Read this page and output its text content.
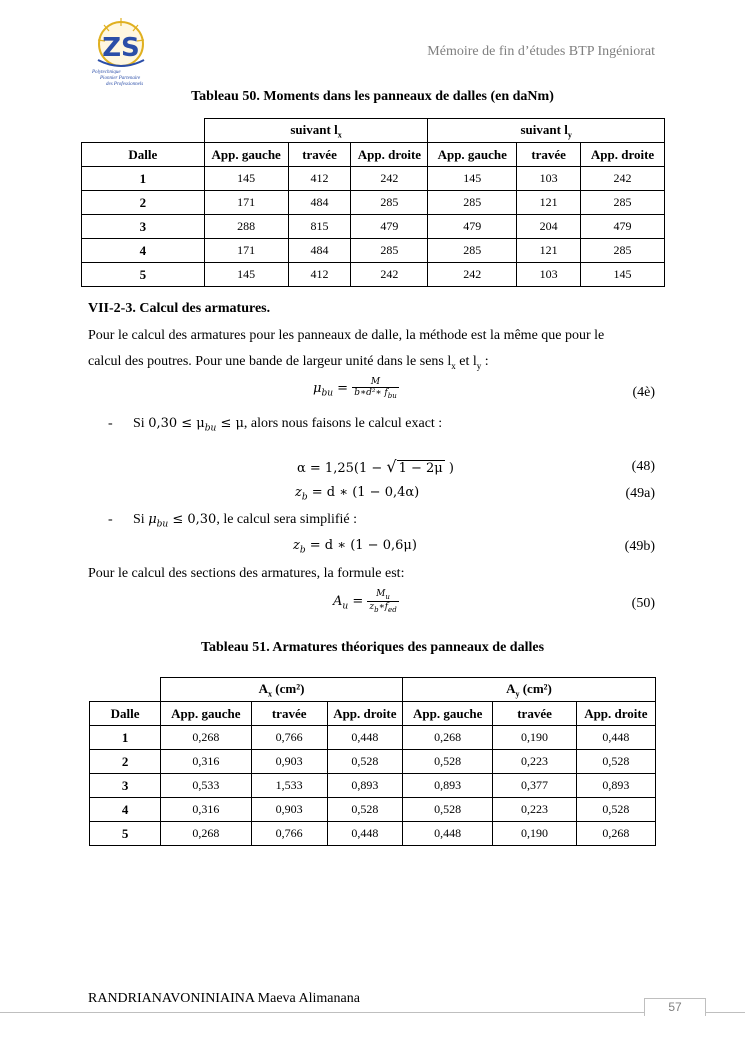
ZS
Polytechnique
Pionnier Partenaire
des Professionnels
Mémoire de fin d’études BTP Ingéniorat
Tableau 50. Moments dans les panneaux de dalles (en daNm)
	suivant $l_x$			suivant $l_y$
Dalle	App. gauche	travée	App. droite	App. gauche	travée	App. droite
1	145	412	242	145	103	242
2	171	484	285	285	121	285
3	288	815	479	479	204	479
4	171	484	285	285	121	285
5	145	412	242	242	103	145
VII-2-3. Calcul des armatures.
Pour le calcul des armatures pour les panneaux de dalle, la méthode est la même que pour le
calcul des poutres. Pour une bande de largeur unité dans le sens $l_x$ et $l_y$ :
$\mu_{bu} = \frac{M}{b∗d^2∗ f_{bu}}$	(4è)
- Si $0,30 \le \mu_{bu} \le \mu$, alors nous faisons le calcul exact :
α = 1,25(1 − √ 1 − 2μ )	(48)
$z_b = d$ ∗ (1 − 0,4α)	(49a)
- Si $\mu_{bu} \le 0,30$, le calcul sera simplifié :
$z_b = d$ ∗ (1 − 0,6μ)	(49b)
Pour le calcul des sections des armatures, la formule est:
$A_u = \frac{M_u}{z_b∗f_{ed}}$	(50)
Tableau 51. Armatures théoriques des panneaux de dalles
	$A_x$ (cm²)			$A_y$ (cm²)		
Dalle	App. gauche	travée	App. droite	App. gauche	travée	App. droite
1	0,268	0,766	0,448	0,268	0,190	0,448
2	0,316	0,903	0,528	0,528	0,223	0,528
3	0,533	1,533	0,893	0,893	0,377	0,893
4	0,316	0,903	0,528	0,528	0,223	0,528
5	0,268	0,766	0,448	0,448	0,190	0,268
RANDRIANAVONINIAINA Maeva Alimanana
57
